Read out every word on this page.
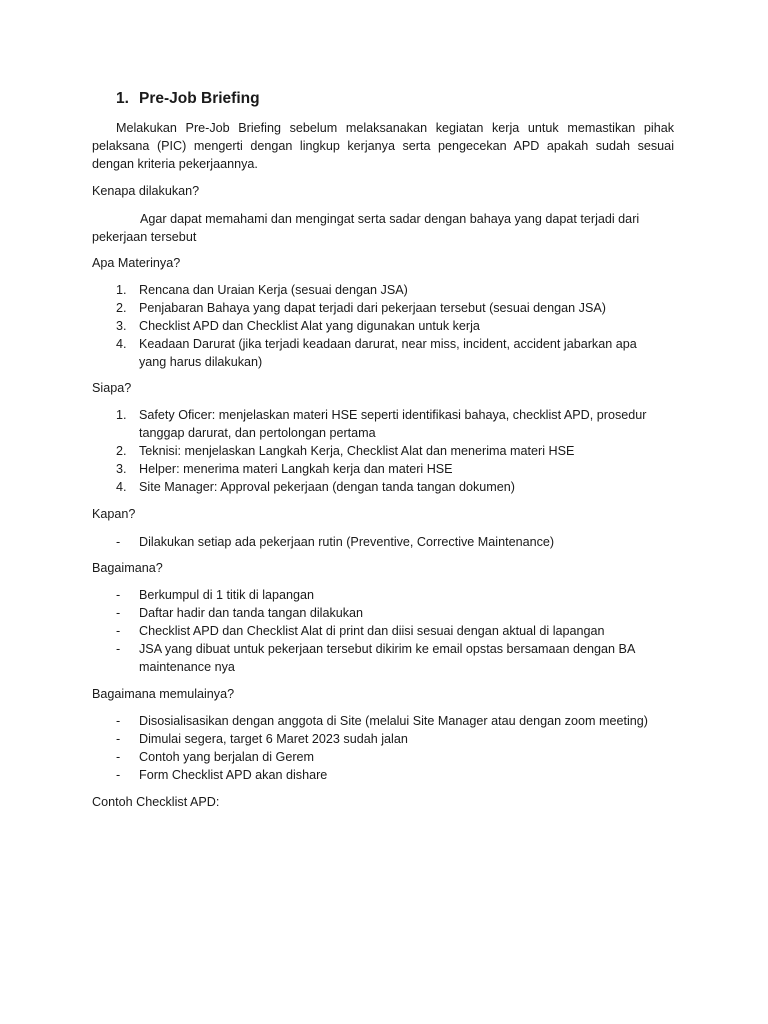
1. Pre-Job Briefing
Melakukan Pre-Job Briefing sebelum melaksanakan kegiatan kerja untuk memastikan pihak
pelaksana (PIC) mengerti dengan lingkup kerjanya serta pengecekan APD apakah sudah sesuai
dengan kriteria pekerjaannya.
Kenapa dilakukan?
Agar dapat memahami dan mengingat serta sadar dengan bahaya yang dapat terjadi dari
pekerjaan tersebut
Apa Materinya?
1. Rencana dan Uraian Kerja (sesuai dengan JSA)
2. Penjabaran Bahaya yang dapat terjadi dari pekerjaan tersebut (sesuai dengan JSA)
3. Checklist APD dan Checklist Alat yang digunakan untuk kerja
4. Keadaan Darurat (jika terjadi keadaan darurat, near miss, incident, accident jabarkan apa
yang harus dilakukan)
Siapa?
1. Safety Oficer: menjelaskan materi HSE seperti identifikasi bahaya, checklist APD, prosedur
tanggap darurat, dan pertolongan pertama
2. Teknisi: menjelaskan Langkah Kerja, Checklist Alat dan menerima materi HSE
3. Helper: menerima materi Langkah kerja dan materi HSE
4. Site Manager: Approval pekerjaan (dengan tanda tangan dokumen)
Kapan?
- Dilakukan setiap ada pekerjaan rutin (Preventive, Corrective Maintenance)
Bagaimana?
- Berkumpul di 1 titik di lapangan
- Daftar hadir dan tanda tangan dilakukan
- Checklist APD dan Checklist Alat di print dan diisi sesuai dengan aktual di lapangan
- JSA yang dibuat untuk pekerjaan tersebut dikirim ke email opstas bersamaan dengan BA
maintenance nya
Bagaimana memulainya?
- Disosialisasikan dengan anggota di Site (melalui Site Manager atau dengan zoom meeting)
- Dimulai segera, target 6 Maret 2023 sudah jalan
- Contoh yang berjalan di Gerem
- Form Checklist APD akan dishare
Contoh Checklist APD:
